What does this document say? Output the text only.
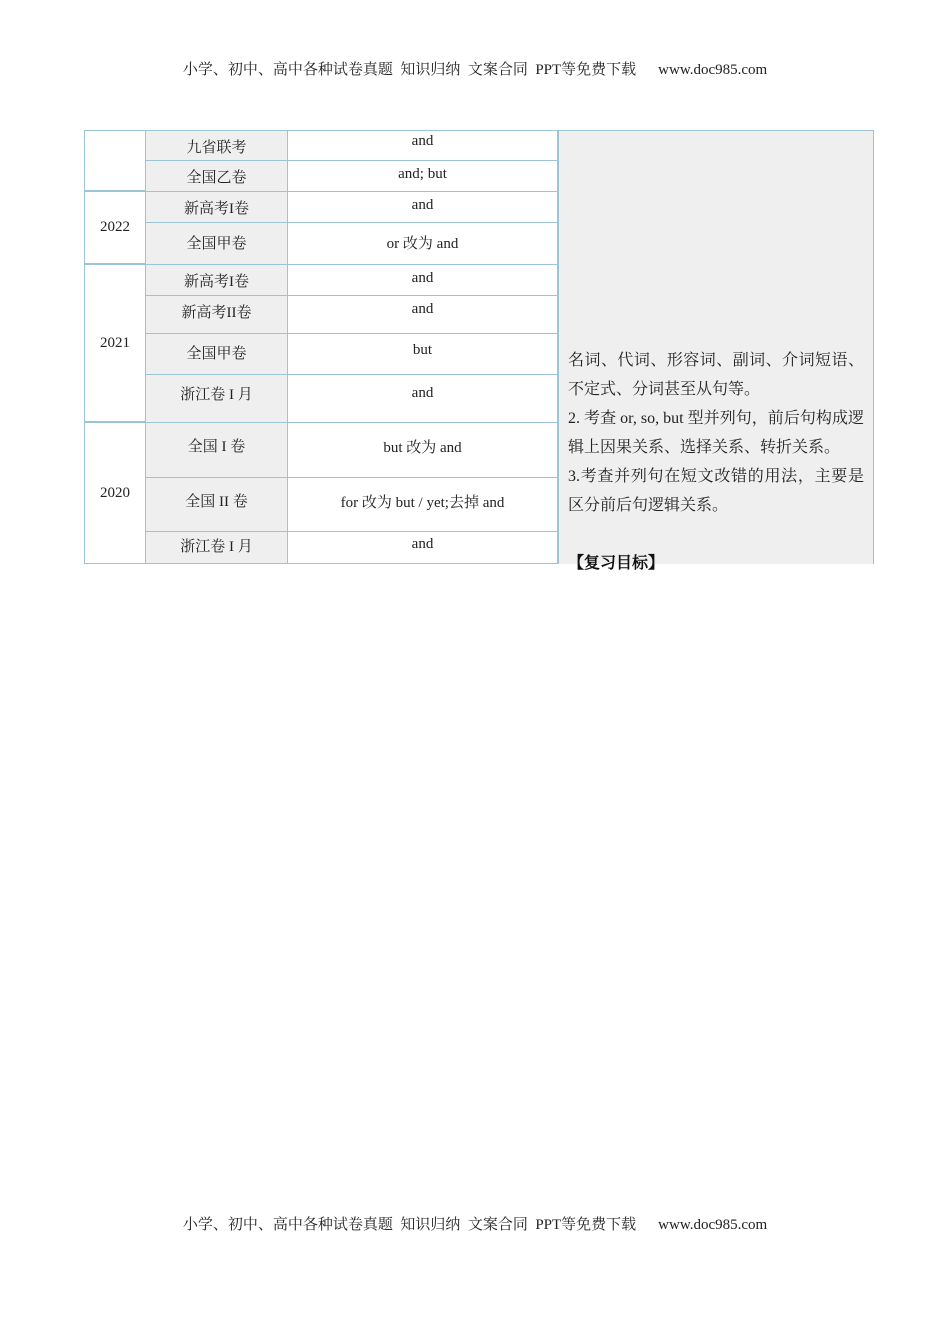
小学、初中、高中各种试卷真题  知识归纳  文案合同  PPT等免费下载 www.doc985.com
2022
2021
2020
九省联考
全国乙卷
新高考I卷
全国甲卷
新高考I卷
新高考II卷
全国甲卷
浙江卷 I 月
全国 I 卷
全国 II 卷
浙江卷 I 月
and
and; but
and
or 改为 and
and
and
but
and
but 改为 and
for 改为 but / yet;去掉 and
and

名词、代词、形容词、副词、介词短语、不定式、分词甚至从句等。

2. 考查 or, so, but 型并列句，前后句构成逻辑上因果关系、选择关系、转折关系。

3.考查并列句在短文改错的用法，主要是区分前后句逻辑关系。

【复习目标】
小学、初中、高中各种试卷真题  知识归纳  文案合同  PPT等免费下载 www.doc985.com
